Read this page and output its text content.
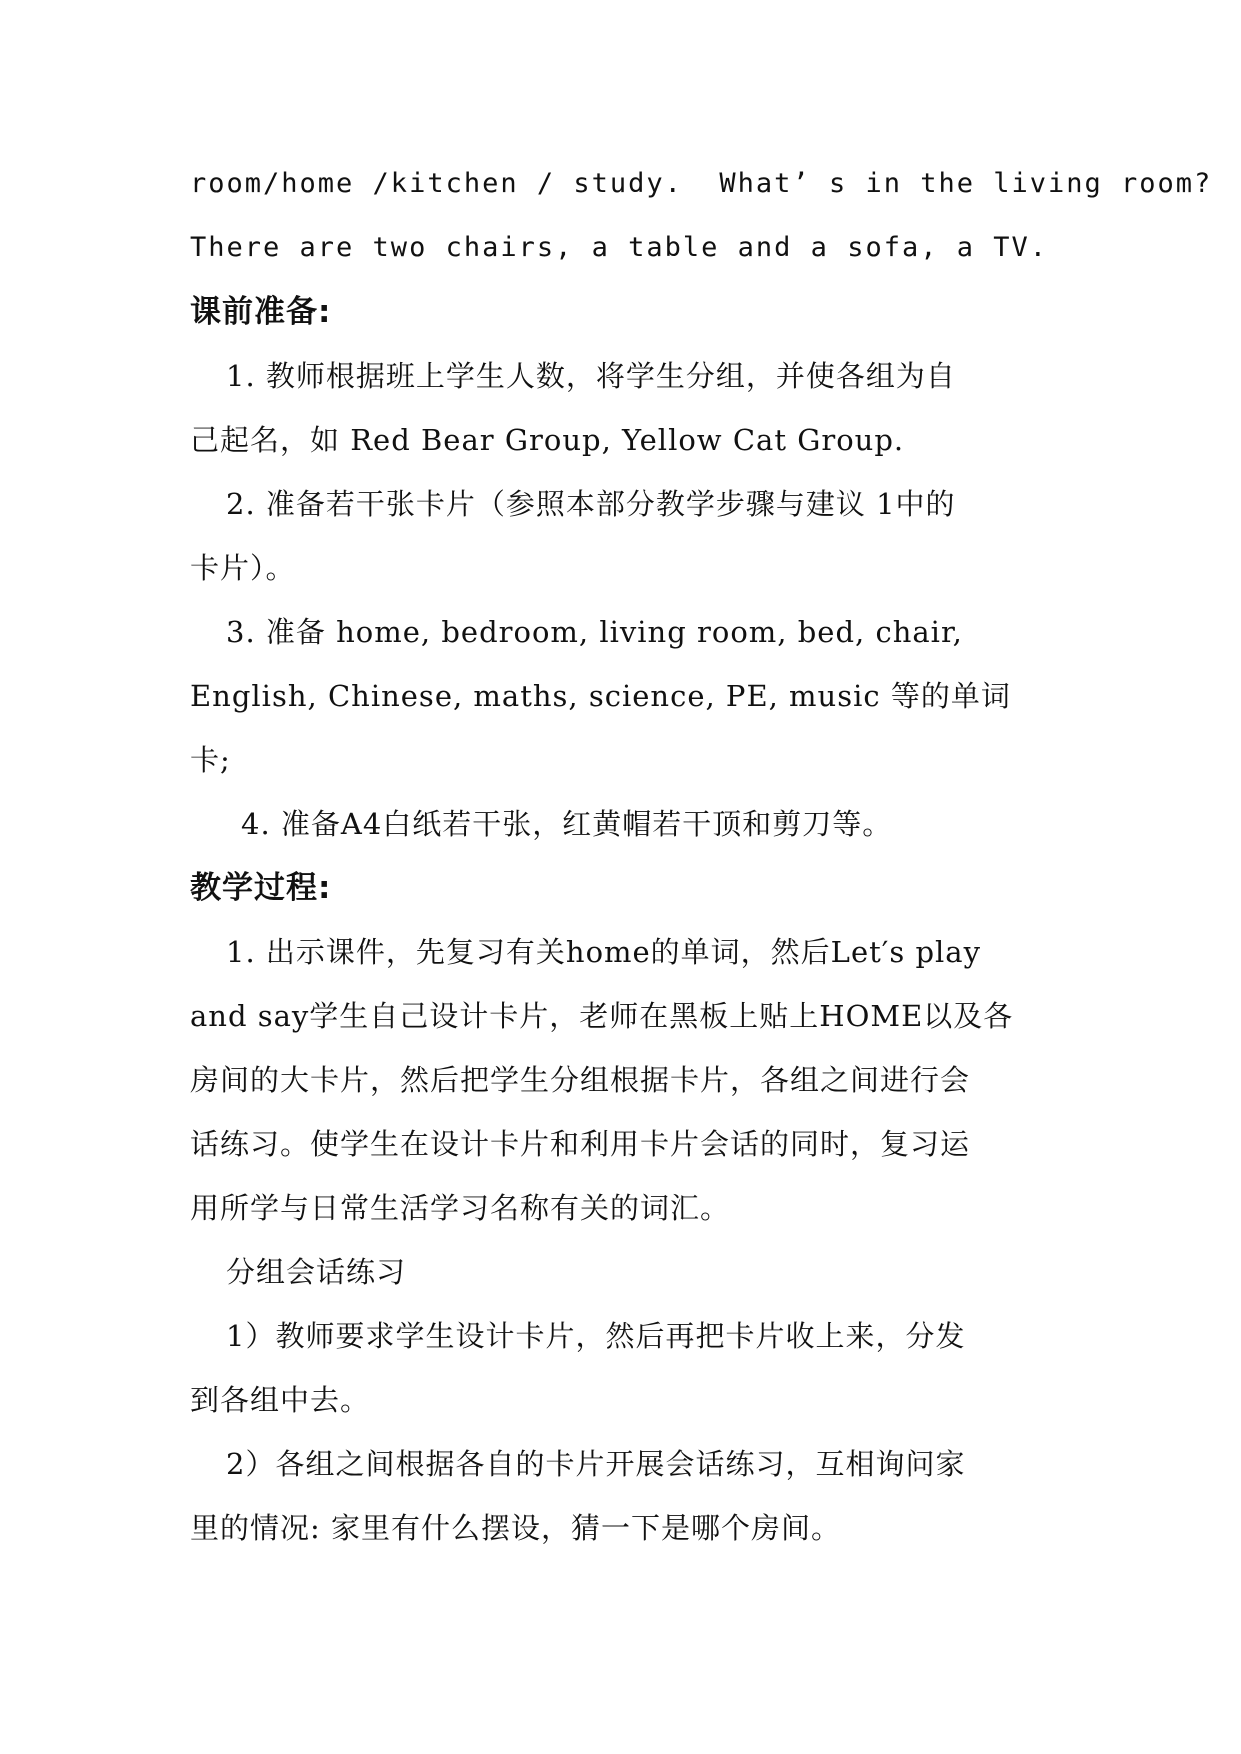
room/home /kitchen / study.  What’ s in the living room?
There are two chairs, a table and a sofa, a TV.
课前准备:
1. 教师根据班上学生人数，将学生分组，并使各组为自
己起名，如 Red Bear Group, Yellow Cat Group.
2. 准备若干张卡片（参照本部分教学步骤与建议 1中的
卡片）。
3. 准备 home, bedroom, living room, bed, chair,
English, Chinese, maths, science, PE, music 等的单词
卡;
4. 准备A4白纸若干张，红黄帽若干顶和剪刀等。
教学过程:
1. 出示课件，先复习有关home的单词，然后Let′s play
and say学生自己设计卡片，老师在黑板上贴上HOME以及各
房间的大卡片，然后把学生分组根据卡片，各组之间进行会
话练习。使学生在设计卡片和利用卡片会话的同时，复习运
用所学与日常生活学习名称有关的词汇。
分组会话练习
1）教师要求学生设计卡片，然后再把卡片收上来，分发
到各组中去。
2）各组之间根据各自的卡片开展会话练习，互相询问家
里的情况: 家里有什么摆设，猜一下是哪个房间。
